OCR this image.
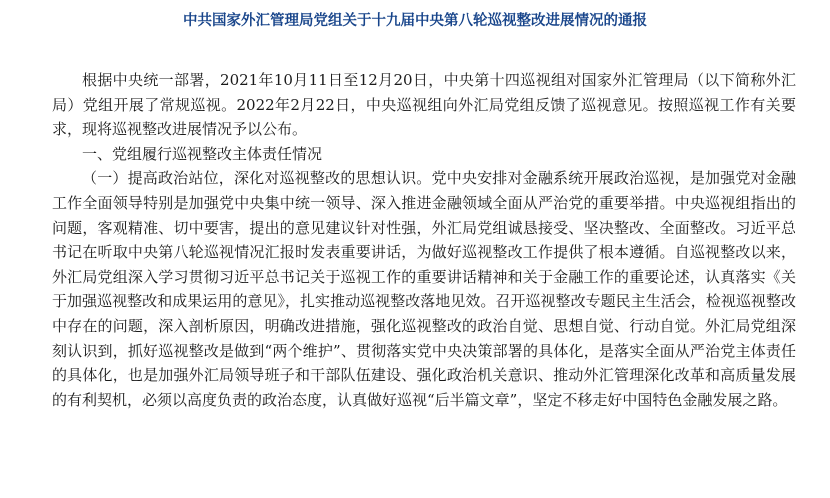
中共国家外汇管理局党组关于十九届中央第八轮巡视整改进展情况的通报

根据中央统一部署，2021年10月11日至12月20日，中央第十四巡视组对国家外汇管理局（以下简称外汇局）党组开展了常规巡视。2022年2月22日，中央巡视组向外汇局党组反馈了巡视意见。按照巡视工作有关要求，现将巡视整改进展情况予以公布。

一、党组履行巡视整改主体责任情况

（一）提高政治站位，深化对巡视整改的思想认识。党中央安排对金融系统开展政治巡视，是加强党对金融工作全面领导特别是加强党中央集中统一领导、深入推进金融领域全面从严治党的重要举措。中央巡视组指出的问题，客观精准、切中要害，提出的意见建议针对性强，外汇局党组诚恳接受、坚决整改、全面整改。习近平总书记在听取中央第八轮巡视情况汇报时发表重要讲话，为做好巡视整改工作提供了根本遵循。自巡视整改以来，外汇局党组深入学习贯彻习近平总书记关于巡视工作的重要讲话精神和关于金融工作的重要论述，认真落实《关于加强巡视整改和成果运用的意见》，扎实推动巡视整改落地见效。召开巡视整改专题民主生活会，检视巡视整改中存在的问题，深入剖析原因，明确改进措施，强化巡视整改的政治自觉、思想自觉、行动自觉。外汇局党组深刻认识到，抓好巡视整改是做到“两个维护”、贯彻落实党中央决策部署的具体化，是落实全面从严治党主体责任的具体化，也是加强外汇局领导班子和干部队伍建设、强化政治机关意识、推动外汇管理深化改革和高质量发展的有利契机，必须以高度负责的政治态度，认真做好巡视“后半篇文章”，坚定不移走好中国特色金融发展之路。
